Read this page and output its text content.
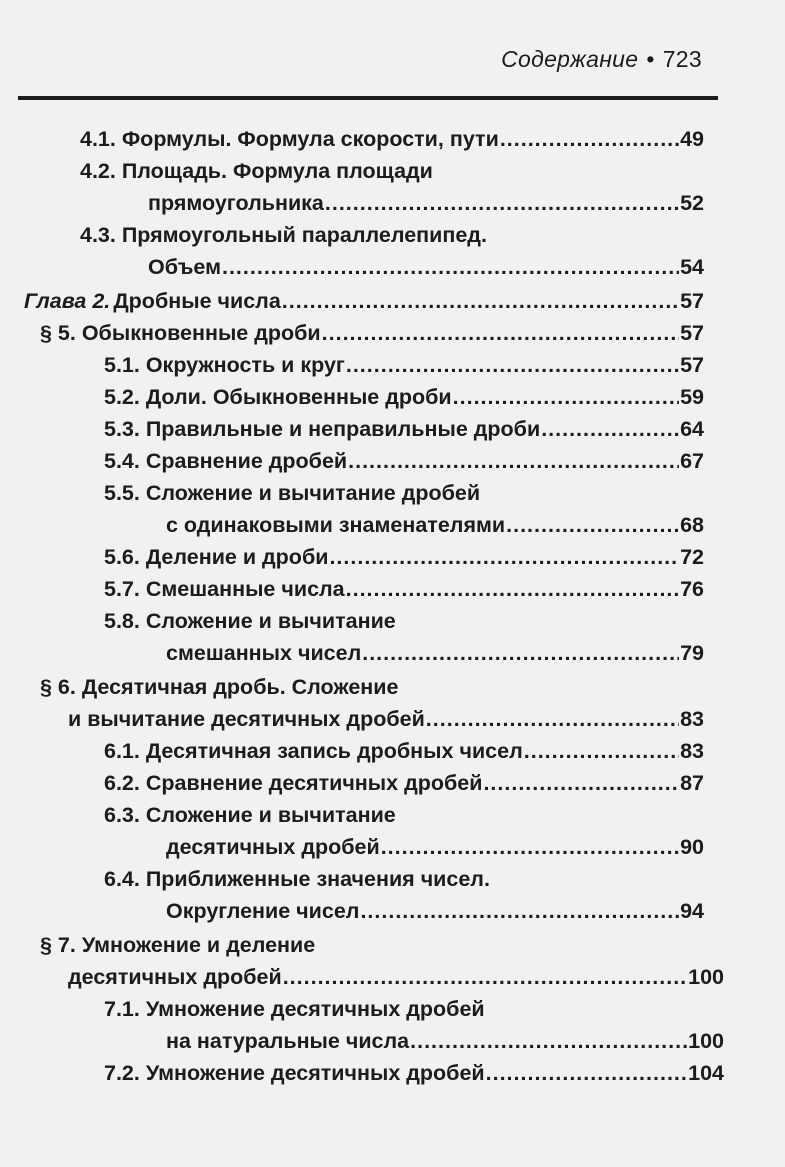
Содержание • 723
4.1. Формулы. Формула скорости, пути .....	49
4.2. Площадь. Формула площади
прямоугольника .....	52
4.3. Прямоугольный параллелепипед.
Объем .....	54
Глава 2. Дробные числа .....	57
§ 5. Обыкновенные дроби .....	57
5.1. Окружность и круг .....	57
5.2. Доли. Обыкновенные дроби .....	59
5.3. Правильные и неправильные дроби .....	64
5.4. Сравнение дробей .....	67
5.5. Сложение и вычитание дробей
с одинаковыми знаменателями .....	68
5.6. Деление и дроби .....	72
5.7. Смешанные числа .....	76
5.8. Сложение и вычитание
смешанных чисел .....	79
§ 6. Десятичная дробь. Сложение
и вычитание десятичных дробей .....	83
6.1. Десятичная запись дробных чисел .....	83
6.2. Сравнение десятичных дробей .....	87
6.3. Сложение и вычитание
десятичных дробей .....	90
6.4. Приближенные значения чисел.
Округление чисел .....	94
§ 7. Умножение и деление
десятичных дробей .....	100
7.1. Умножение десятичных дробей
на натуральные числа .....	100
7.2. Умножение десятичных дробей .....	104
